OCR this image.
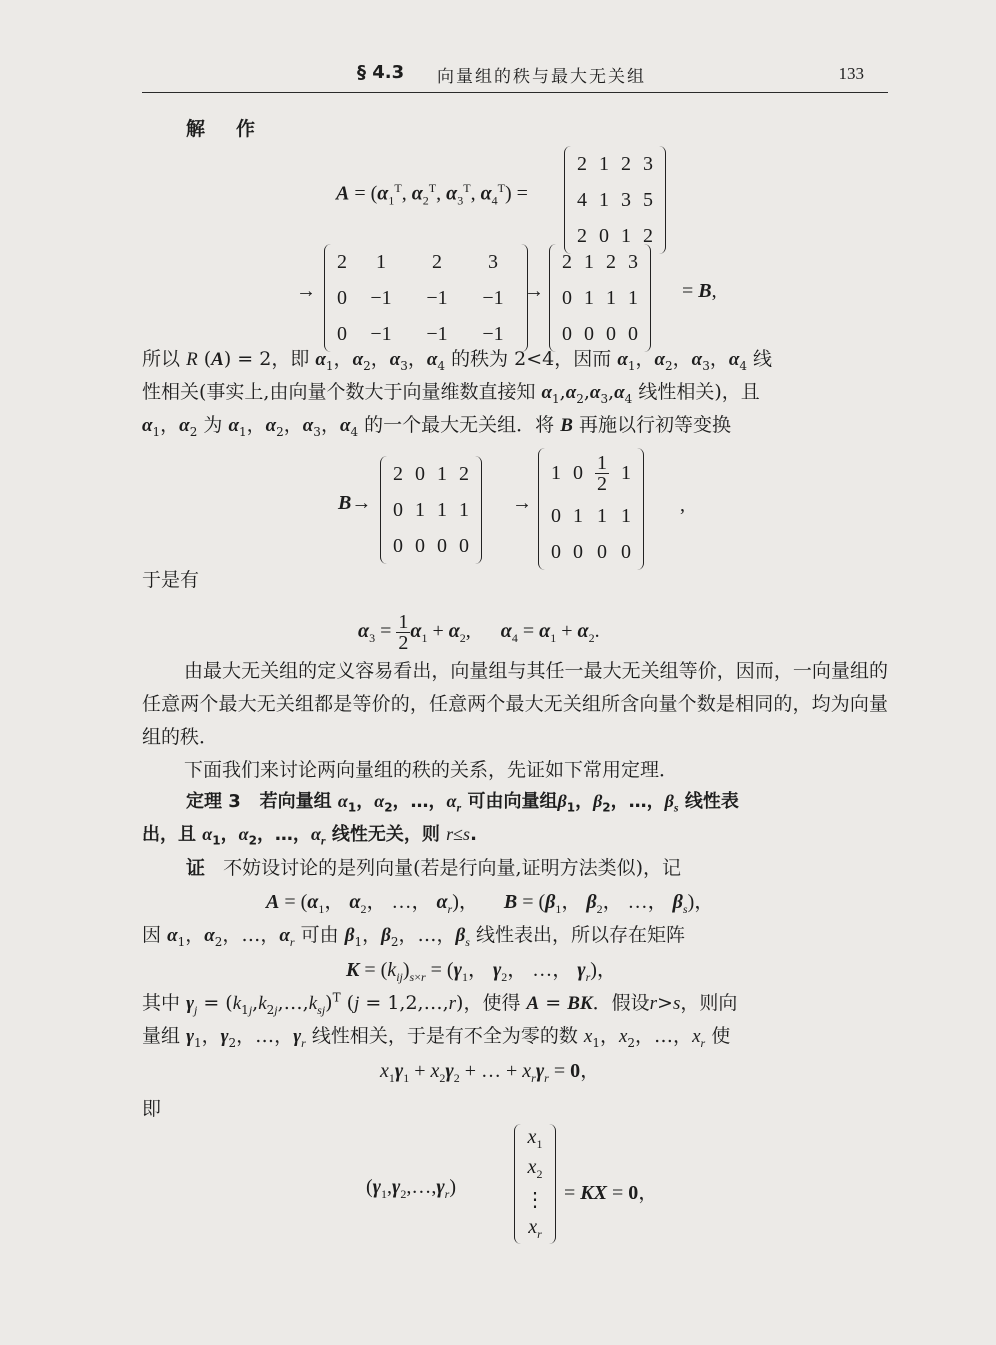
§ 4.3 向量组的秩与最大无关组	133
解　作
$A = (\alpha_1^T$, $\alpha_2^T$, $\alpha_3^T$, $\alpha_4^T$) =
2	1	2	3
4	1	3	5
2	0	1	2
→
2	1	2	3
0	−1	−1	−1
0	−1	−1	−1
→
2	1	2	3
0	1	1	1
0	0	0	0
= B,
所以 R (A) = 2，即 $\alpha_1$，$\alpha_2$，$\alpha_3$，$\alpha_4$ 的秩为 2<4，因而 $\alpha_1$，$\alpha_2$，$\alpha_3$，$\alpha_4$ 线
性相关(事实上,由向量个数大于向量维数直接知 $\alpha_1,\alpha_2,\alpha_3,\alpha_4$ 线性相关)，且
$\alpha_1$，$\alpha_2$ 为 $\alpha_1$，$\alpha_2$，$\alpha_3$，$\alpha_4$ 的一个最大无关组．将 B 再施以行初等变换
B→
2	0	1	2
0	1	1	1
0	0	0	0
→
1	0	$\frac{1}{2}$	1
0	1	1	1
0	0	0	0
,
于是有
$\alpha_3 = \frac{1}{2} \alpha_1 + \alpha_2$,      $\alpha_4 = \alpha_1 + \alpha_2$.
由最大无关组的定义容易看出，向量组与其任一最大无关组等价，因而，一向量组的任意两个最大无关组都是等价的，任意两个最大无关组所含向量个数是相同的，均为向量组的秩．
下面我们来讨论两向量组的秩的关系，先证如下常用定理．
定理 3 若向量组 $\alpha_1$，$\alpha_2$，…，$\alpha_r$ 可由向量组$\beta_1$，$\beta_2$，…，$\beta_s$ 线性表
出，且 $\alpha_1$，$\alpha_2$，…，$\alpha_r$ 线性无关，则 r≤s.
证 不妨设讨论的是列向量(若是行向量,证明方法类似)，记
$A = (\alpha_1$， $\alpha_2$， …， $\alpha_r$)，     $B = (\beta_1$， $\beta_2$， …， $\beta_s$)，
因 $\alpha_1$，$\alpha_2$，…，$\alpha_r$ 可由 $\beta_1$，$\beta_2$，…，$\beta_s$ 线性表出，所以存在矩阵
$K = (k_{ij})_{s\times r} = (\gamma_1$， $\gamma_2$， …， $\gamma_r$)，
其中 $\gamma_j$ = $(k_{1j},k_{2j},\dots,k_{sj})^T$ (j = 1,2,…,r)，使得 A = BK．假设r>s，则向
量组 $\gamma_1$，$\gamma_2$，…，$\gamma_r$ 线性相关，于是有不全为零的数 $x_1$，$x_2$，…，$x_r$ 使
$x_1\gamma_1 + x_2\gamma_2$ + … + $x_r\gamma_r = 0$，
即
$(\gamma_1,\gamma_2,\dots,\gamma_r)$
$x_1$
$x_2$
⋮
$x_r$
= KX = 0，
